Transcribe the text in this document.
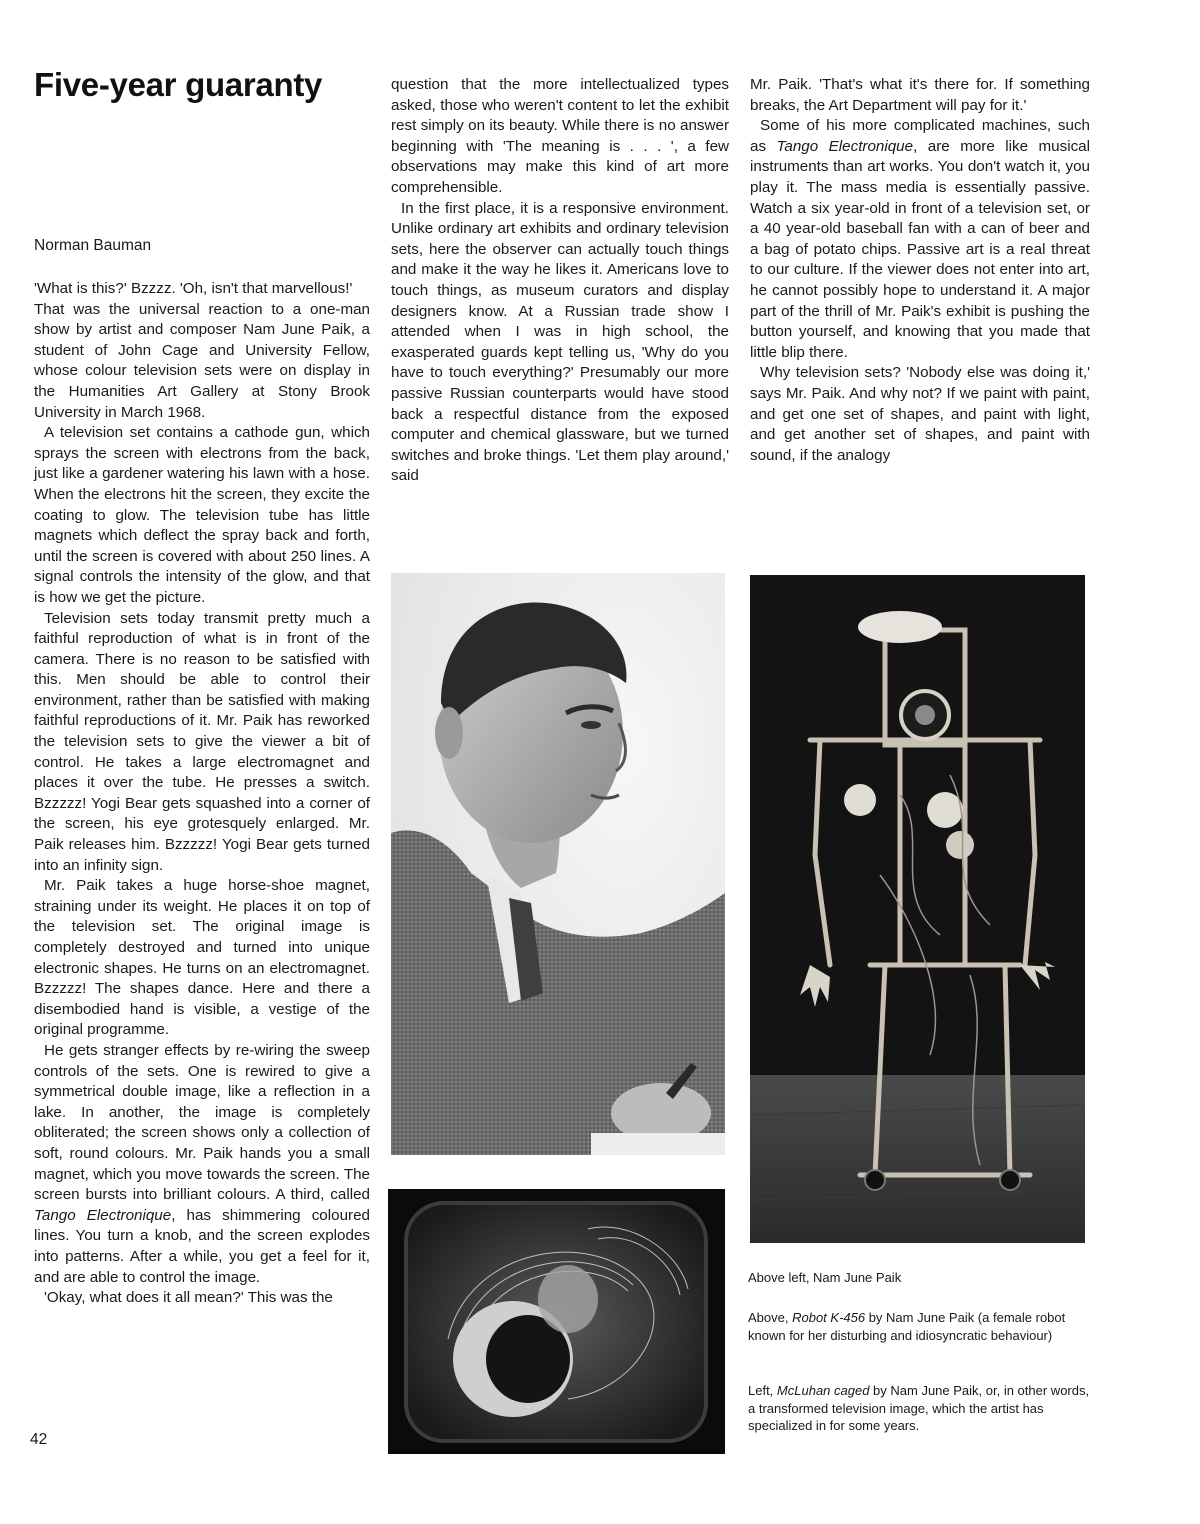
Five-year guaranty
Norman Bauman

'What is this?' Bzzzz. 'Oh, isn't that marvellous!'

That was the universal reaction to a one-man show by artist and composer Nam June Paik, a student of John Cage and University Fellow, whose colour television sets were on display in the Humanities Art Gallery at Stony Brook University in March 1968.

A television set contains a cathode gun, which sprays the screen with electrons from the back, just like a gardener watering his lawn with a hose. When the electrons hit the screen, they excite the coating to glow. The television tube has little magnets which deflect the spray back and forth, until the screen is covered with about 250 lines. A signal controls the intensity of the glow, and that is how we get the picture.

Television sets today transmit pretty much a faithful reproduction of what is in front of the camera. There is no reason to be satisfied with this. Men should be able to control their environment, rather than be satisfied with making faithful reproductions of it. Mr. Paik has reworked the television sets to give the viewer a bit of control. He takes a large electromagnet and places it over the tube. He presses a switch. Bzzzzz! Yogi Bear gets squashed into a corner of the screen, his eye grotesquely enlarged. Mr. Paik releases him. Bzzzzz! Yogi Bear gets turned into an infinity sign.

Mr. Paik takes a huge horse-shoe magnet, straining under its weight. He places it on top of the television set. The original image is completely destroyed and turned into unique electronic shapes. He turns on an electromagnet. Bzzzzz! The shapes dance. Here and there a disembodied hand is visible, a vestige of the original programme.

He gets stranger effects by re-wiring the sweep controls of the sets. One is rewired to give a symmetrical double image, like a reflection in a lake. In another, the image is completely obliterated; the screen shows only a collection of soft, round colours. Mr. Paik hands you a small magnet, which you move towards the screen. The screen bursts into brilliant colours. A third, called Tango Electronique, has shimmering coloured lines. You turn a knob, and the screen explodes into patterns. After a while, you get a feel for it, and are able to control the image.

'Okay, what does it all mean?' This was the

question that the more intellectualized types asked, those who weren't content to let the exhibit rest simply on its beauty. While there is no answer beginning with 'The meaning is . . . ', a few observations may make this kind of art more comprehensible.

In the first place, it is a responsive environment. Unlike ordinary art exhibits and ordinary television sets, here the observer can actually touch things and make it the way he likes it. Americans love to touch things, as museum curators and display designers know. At a Russian trade show I attended when I was in high school, the exasperated guards kept telling us, 'Why do you have to touch everything?' Presumably our more passive Russian counterparts would have stood back a respectful distance from the exposed computer and chemical glassware, but we turned switches and broke things. 'Let them play around,' said

Mr. Paik. 'That's what it's there for. If something breaks, the Art Department will pay for it.'

Some of his more complicated machines, such as Tango Electronique, are more like musical instruments than art works. You don't watch it, you play it. The mass media is essentially passive. Watch a six year-old in front of a television set, or a 40 year-old baseball fan with a can of beer and a bag of potato chips. Passive art is a real threat to our culture. If the viewer does not enter into art, he cannot possibly hope to understand it. A major part of the thrill of Mr. Paik's exhibit is pushing the button yourself, and knowing that you made that little blip there.

Why television sets? 'Nobody else was doing it,' says Mr. Paik. And why not? If we paint with paint, and get one set of shapes, and paint with light, and get another set of shapes, and paint with sound, if the analogy

Above left, Nam June Paik
Above, Robot K-456 by Nam June Paik (a female robot known for her disturbing and idiosyncratic behaviour)
Left, McLuhan caged by Nam June Paik, or, in other words, a transformed television image, which the artist has specialized in for some years.
42
